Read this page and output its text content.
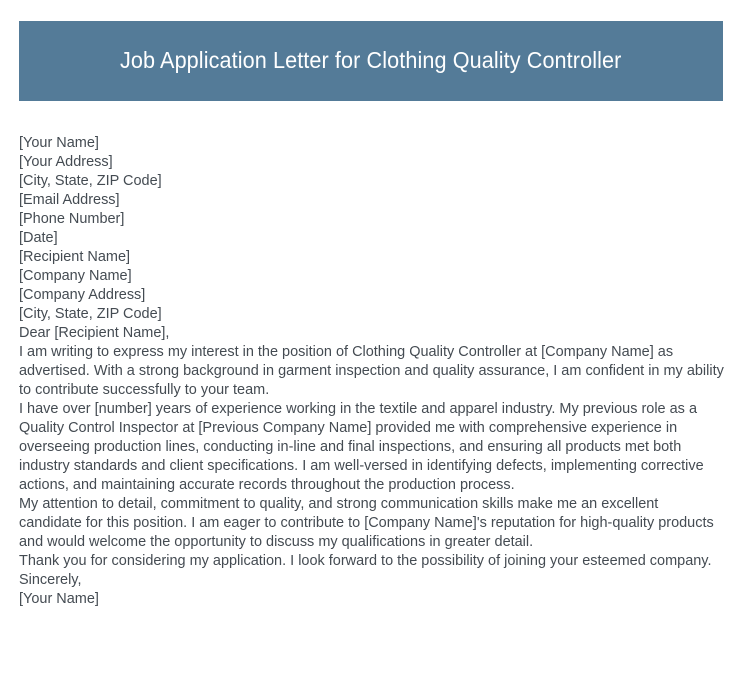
Job Application Letter for Clothing Quality Controller
[Your Name]
[Your Address]
[City, State, ZIP Code]
[Email Address]
[Phone Number]
[Date]
[Recipient Name]
[Company Name]
[Company Address]
[City, State, ZIP Code]
Dear [Recipient Name],
I am writing to express my interest in the position of Clothing Quality Controller at [Company Name] as advertised. With a strong background in garment inspection and quality assurance, I am confident in my ability to contribute successfully to your team.
I have over [number] years of experience working in the textile and apparel industry. My previous role as a Quality Control Inspector at [Previous Company Name] provided me with comprehensive experience in overseeing production lines, conducting in-line and final inspections, and ensuring all products met both industry standards and client specifications. I am well-versed in identifying defects, implementing corrective actions, and maintaining accurate records throughout the production process.
My attention to detail, commitment to quality, and strong communication skills make me an excellent candidate for this position. I am eager to contribute to [Company Name]'s reputation for high-quality products and would welcome the opportunity to discuss my qualifications in greater detail.
Thank you for considering my application. I look forward to the possibility of joining your esteemed company.
Sincerely,
[Your Name]
